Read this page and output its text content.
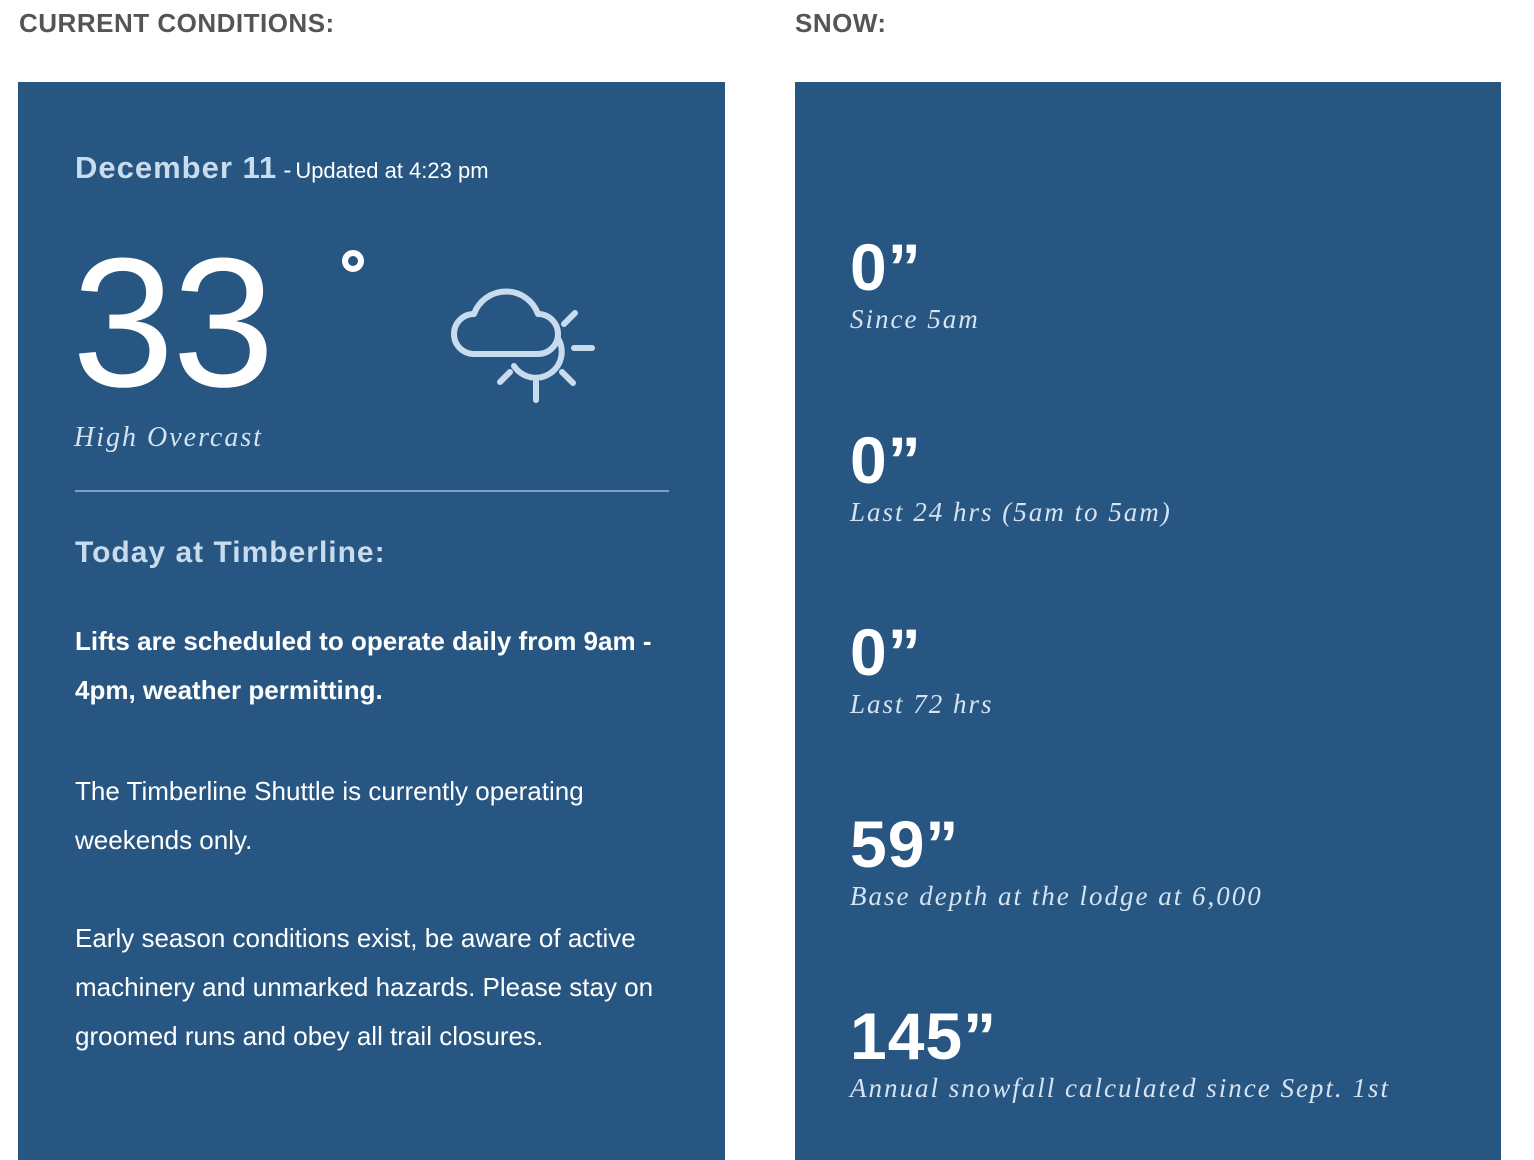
CURRENT CONDITIONS:	SNOW:
December 11 - Updated at 4:23 pm
33
High Overcast
Today at Timberline:
Lifts are scheduled to operate daily from 9am - 4pm, weather permitting.
The Timberline Shuttle is currently operating weekends only.
Early season conditions exist, be aware of active machinery and unmarked hazards. Please stay on groomed runs and obey all trail closures.
0”
Since 5am
0”
Last 24 hrs (5am to 5am)
0”
Last 72 hrs
59”
Base depth at the lodge at 6,000
145”
Annual snowfall calculated since Sept. 1st
